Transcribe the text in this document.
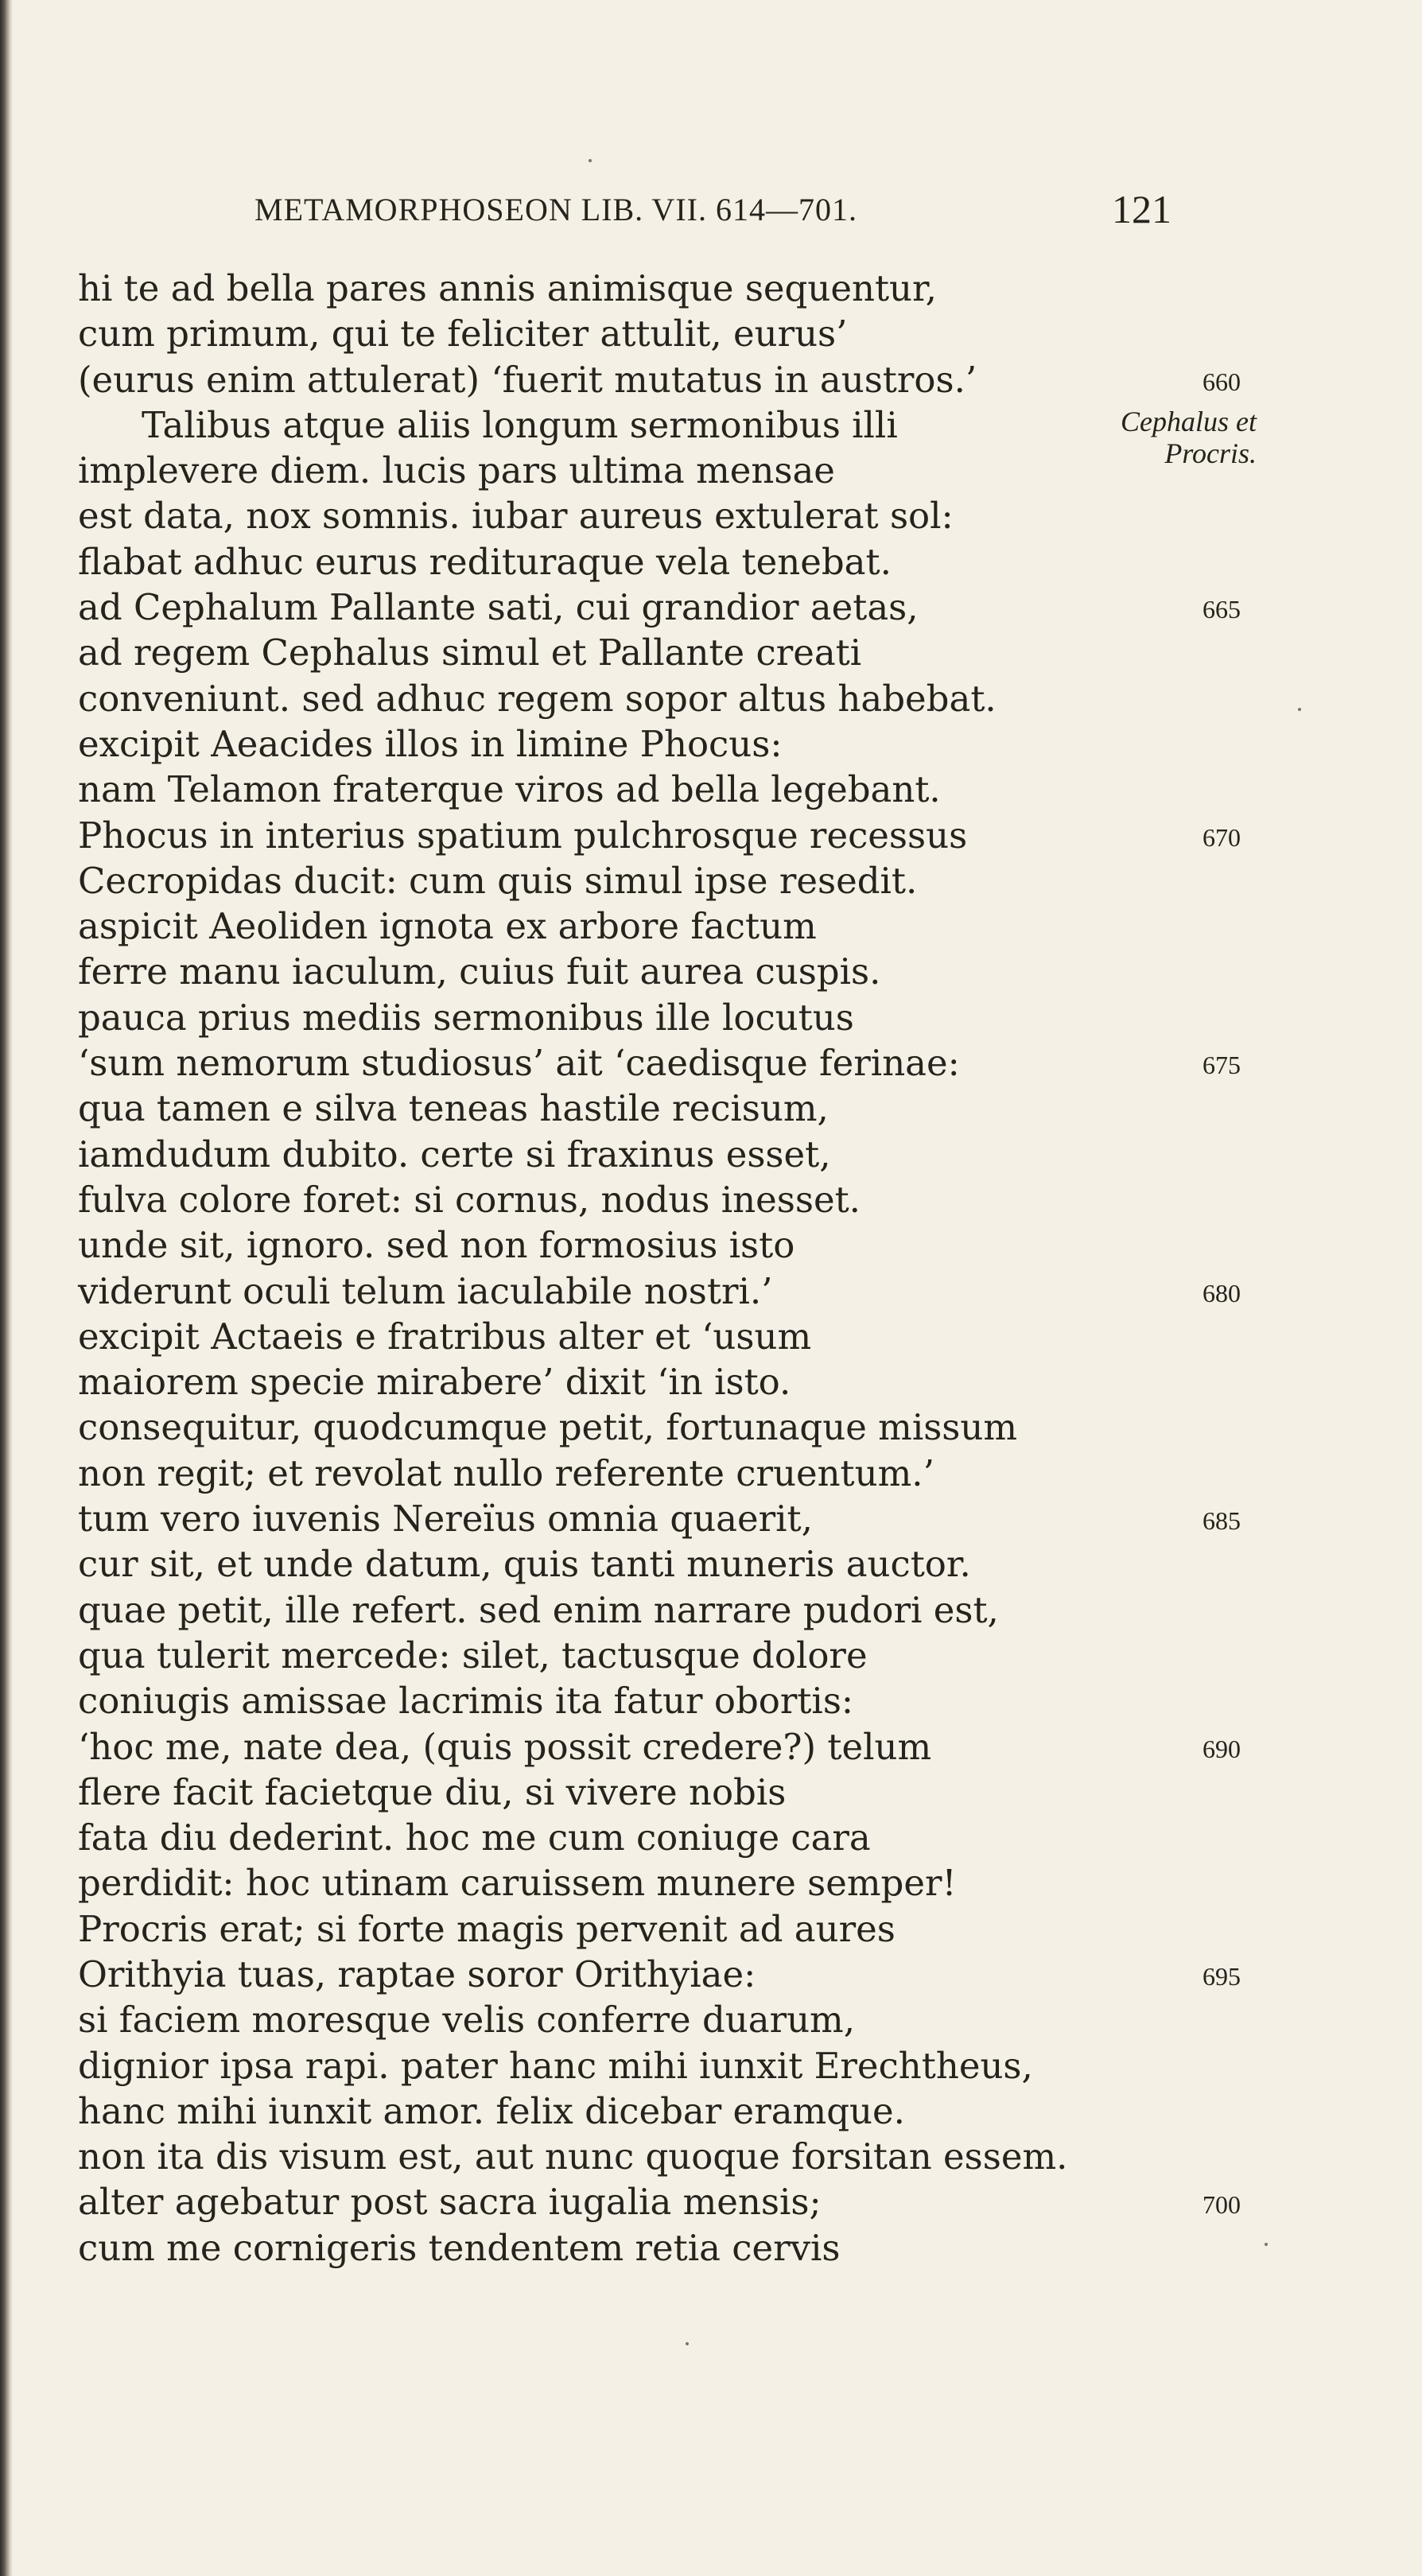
METAMORPHOSEON LIB. VII. 614—701.	121
hi te ad bella pares annis animisque sequentur,
cum primum, qui te feliciter attulit, eurus’
(eurus enim attulerat) ‘fuerit mutatus in austros.’
Talibus atque aliis longum sermonibus illi
implevere diem. lucis pars ultima mensae
est data, nox somnis. iubar aureus extulerat sol:
flabat adhuc eurus redituraque vela tenebat.
ad Cephalum Pallante sati, cui grandior aetas,
ad regem Cephalus simul et Pallante creati
conveniunt. sed adhuc regem sopor altus habebat.
excipit Aeacides illos in limine Phocus:
nam Telamon fraterque viros ad bella legebant.
Phocus in interius spatium pulchrosque recessus
Cecropidas ducit: cum quis simul ipse resedit.
aspicit Aeoliden ignota ex arbore factum
ferre manu iaculum, cuius fuit aurea cuspis.
pauca prius mediis sermonibus ille locutus
‘sum nemorum studiosus’ ait ‘caedisque ferinae:
qua tamen e silva teneas hastile recisum,
iamdudum dubito. certe si fraxinus esset,
fulva colore foret: si cornus, nodus inesset.
unde sit, ignoro. sed non formosius isto
viderunt oculi telum iaculabile nostri.’
excipit Actaeis e fratribus alter et ‘usum
maiorem specie mirabere’ dixit ‘in isto.
consequitur, quodcumque petit, fortunaque missum
non regit; et revolat nullo referente cruentum.’
tum vero iuvenis Nereïus omnia quaerit,
cur sit, et unde datum, quis tanti muneris auctor.
quae petit, ille refert. sed enim narrare pudori est,
qua tulerit mercede: silet, tactusque dolore
coniugis amissae lacrimis ita fatur obortis:
‘hoc me, nate dea, (quis possit credere?) telum
flere facit facietque diu, si vivere nobis
fata diu dederint. hoc me cum coniuge cara
perdidit: hoc utinam caruissem munere semper!
Procris erat; si forte magis pervenit ad aures
Orithyia tuas, raptae soror Orithyiae:
si faciem moresque velis conferre duarum,
dignior ipsa rapi. pater hanc mihi iunxit Erechtheus,
hanc mihi iunxit amor. felix dicebar eramque.
non ita dis visum est, aut nunc quoque forsitan essem.
alter agebatur post sacra iugalia mensis;
cum me cornigeris tendentem retia cervis
660
665
670
675
680
685
690
695
700
Cephalus et
Procris.
